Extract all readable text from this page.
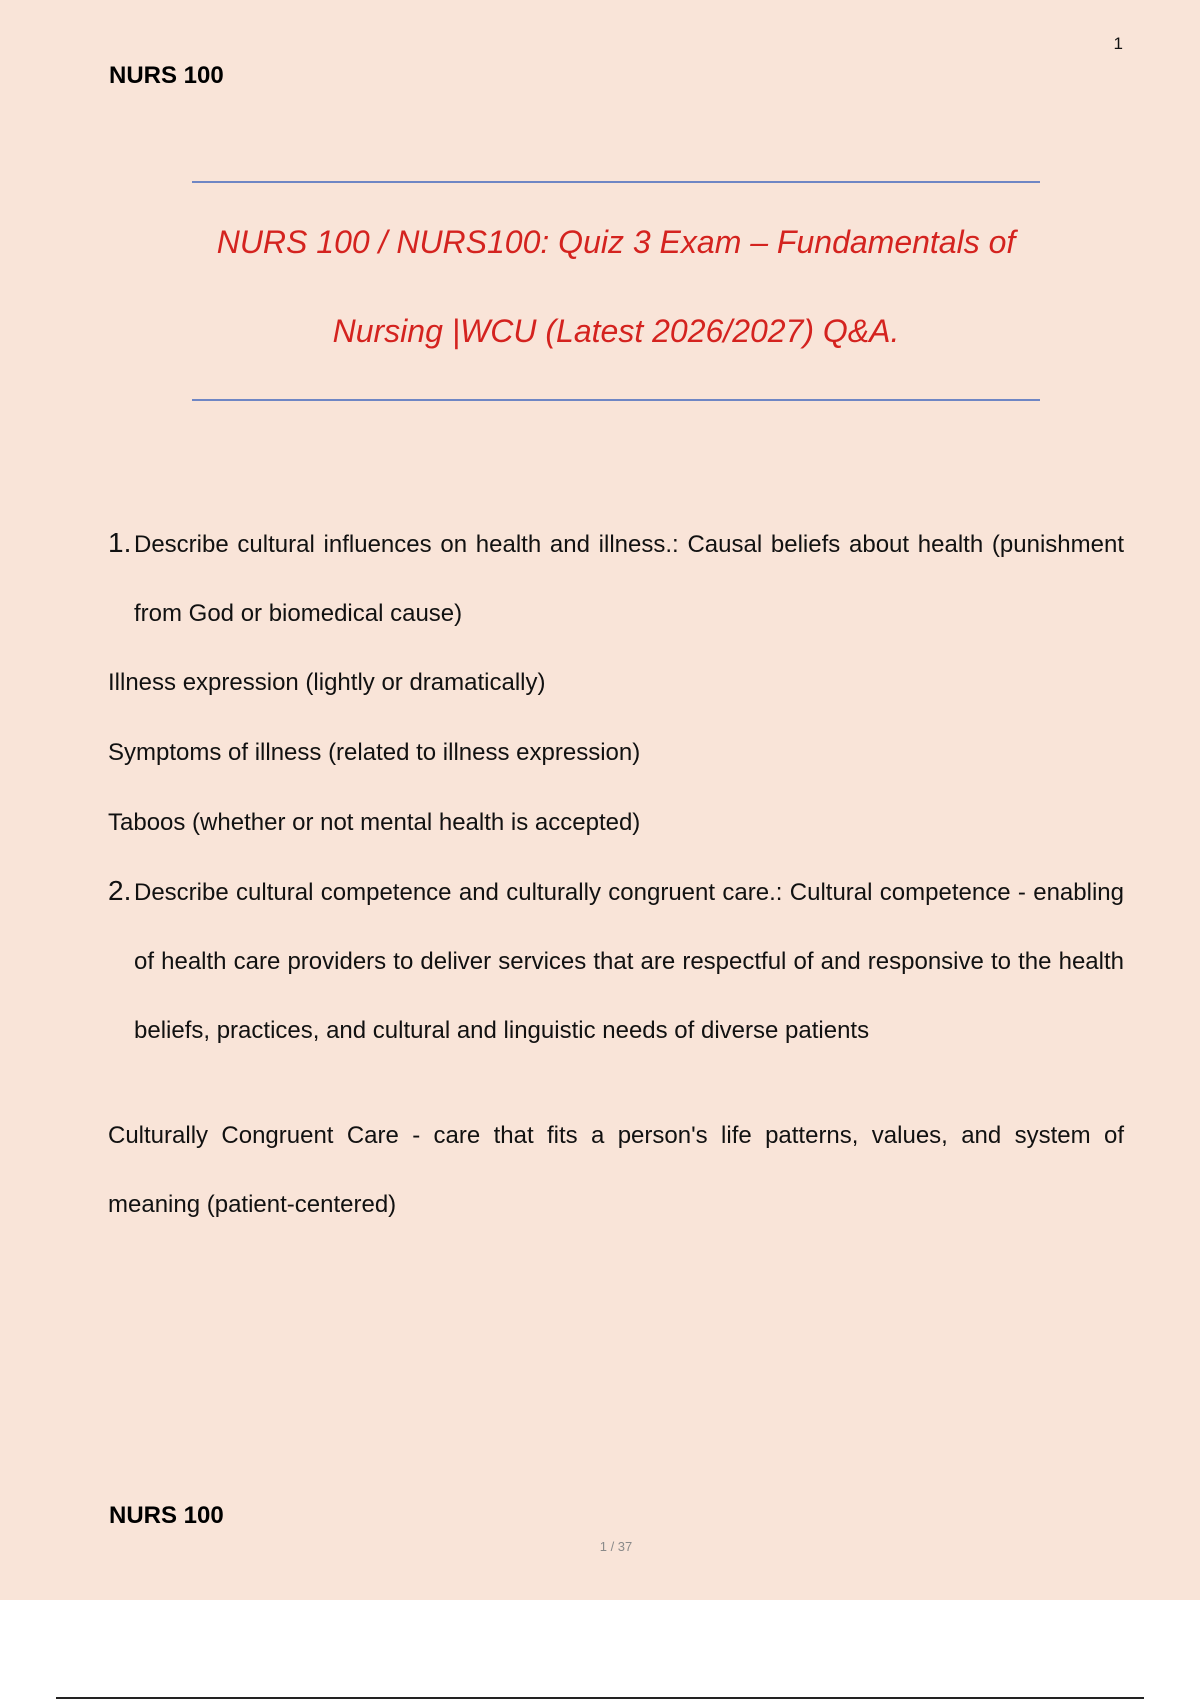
1
NURS 100
NURS 100 / NURS100: Quiz 3 Exam – Fundamentals of
Nursing |WCU (Latest 2026/2027) Q&A.
1. Describe cultural influences on health and illness.: Causal beliefs about health (punishment from God or biomedical cause)
Illness expression (lightly or dramatically)
Symptoms of illness (related to illness expression)
Taboos (whether or not mental health is accepted)
2. Describe cultural competence and culturally congruent care.: Cultural competence - enabling of health care providers to deliver services that are respectful of and responsive to the health beliefs, practices, and cultural and linguistic needs of diverse patients
Culturally Congruent Care - care that fits a person's life patterns, values, and system of meaning (patient-centered)
NURS 100
1 / 37
